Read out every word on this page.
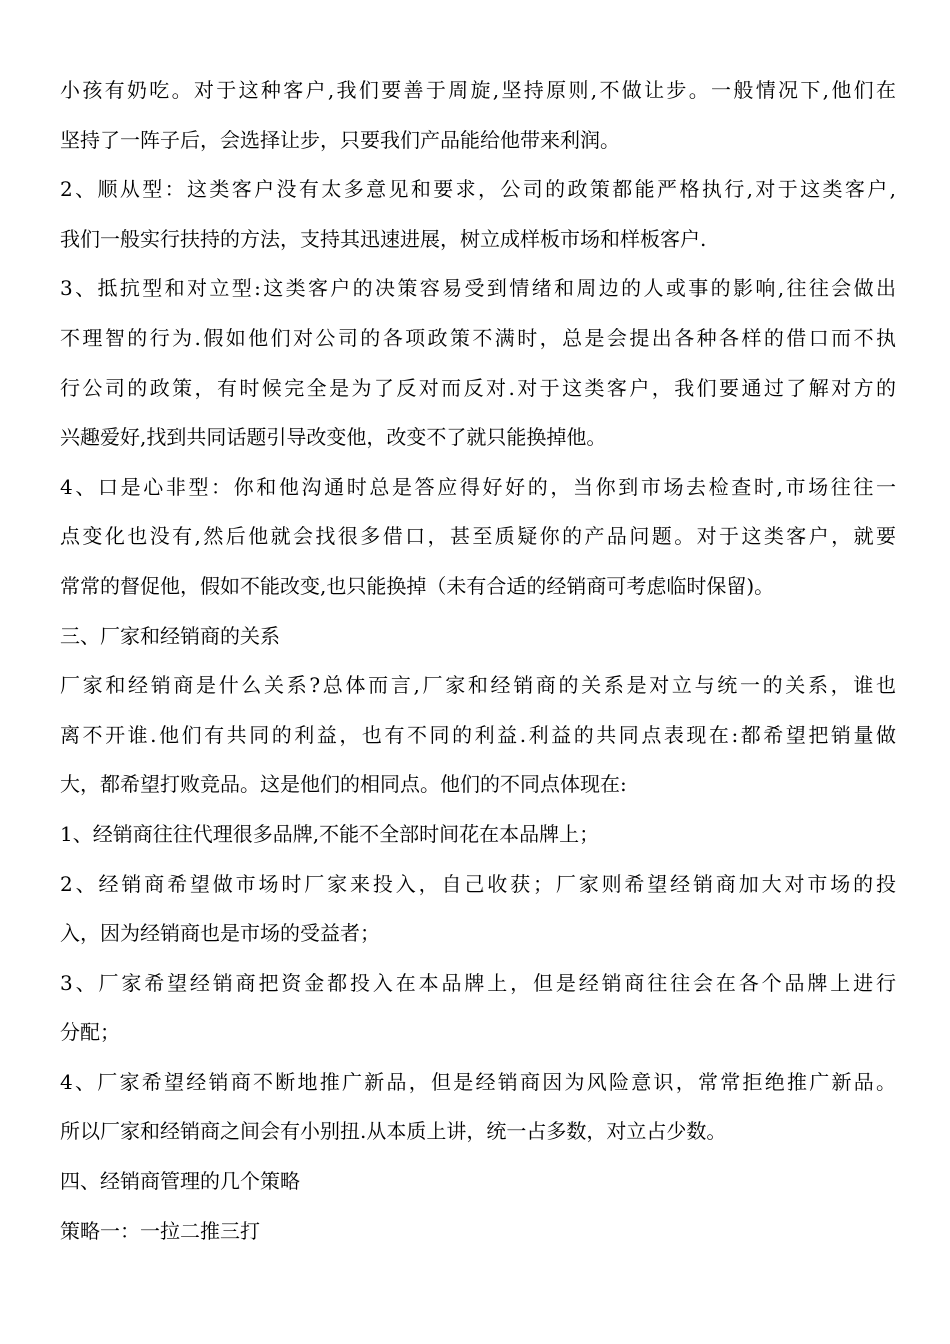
小孩有奶吃。对于这种客户,我们要善于周旋,坚持原则,不做让步。一般情况下,他们在
坚持了一阵子后，会选择让步，只要我们产品能给他带来利润。
2、顺从型：这类客户没有太多意见和要求，公司的政策都能严格执行,对于这类客户,
我们一般实行扶持的方法，支持其迅速进展，树立成样板市场和样板客户.
3、抵抗型和对立型:这类客户的决策容易受到情绪和周边的人或事的影响,往往会做出
不理智的行为.假如他们对公司的各项政策不满时，总是会提出各种各样的借口而不执
行公司的政策，有时候完全是为了反对而反对.对于这类客户，我们要通过了解对方的
兴趣爱好,找到共同话题引导改变他，改变不了就只能换掉他。
4、口是心非型：你和他沟通时总是答应得好好的，当你到市场去检查时,市场往往一
点变化也没有,然后他就会找很多借口，甚至质疑你的产品问题。对于这类客户，就要
常常的督促他，假如不能改变,也只能换掉（未有合适的经销商可考虑临时保留)。
三、厂家和经销商的关系
厂家和经销商是什么关系?总体而言,厂家和经销商的关系是对立与统一的关系，谁也
离不开谁.他们有共同的利益，也有不同的利益.利益的共同点表现在:都希望把销量做
大，都希望打败竞品。这是他们的相同点。他们的不同点体现在:
1、经销商往往代理很多品牌,不能不全部时间花在本品牌上；
2、经销商希望做市场时厂家来投入，自己收获；厂家则希望经销商加大对市场的投
入，因为经销商也是市场的受益者；
3、厂家希望经销商把资金都投入在本品牌上，但是经销商往往会在各个品牌上进行
分配；
4、厂家希望经销商不断地推广新品，但是经销商因为风险意识，常常拒绝推广新品。
所以厂家和经销商之间会有小别扭.从本质上讲，统一占多数，对立占少数。
四、经销商管理的几个策略
策略一：一拉二推三打
